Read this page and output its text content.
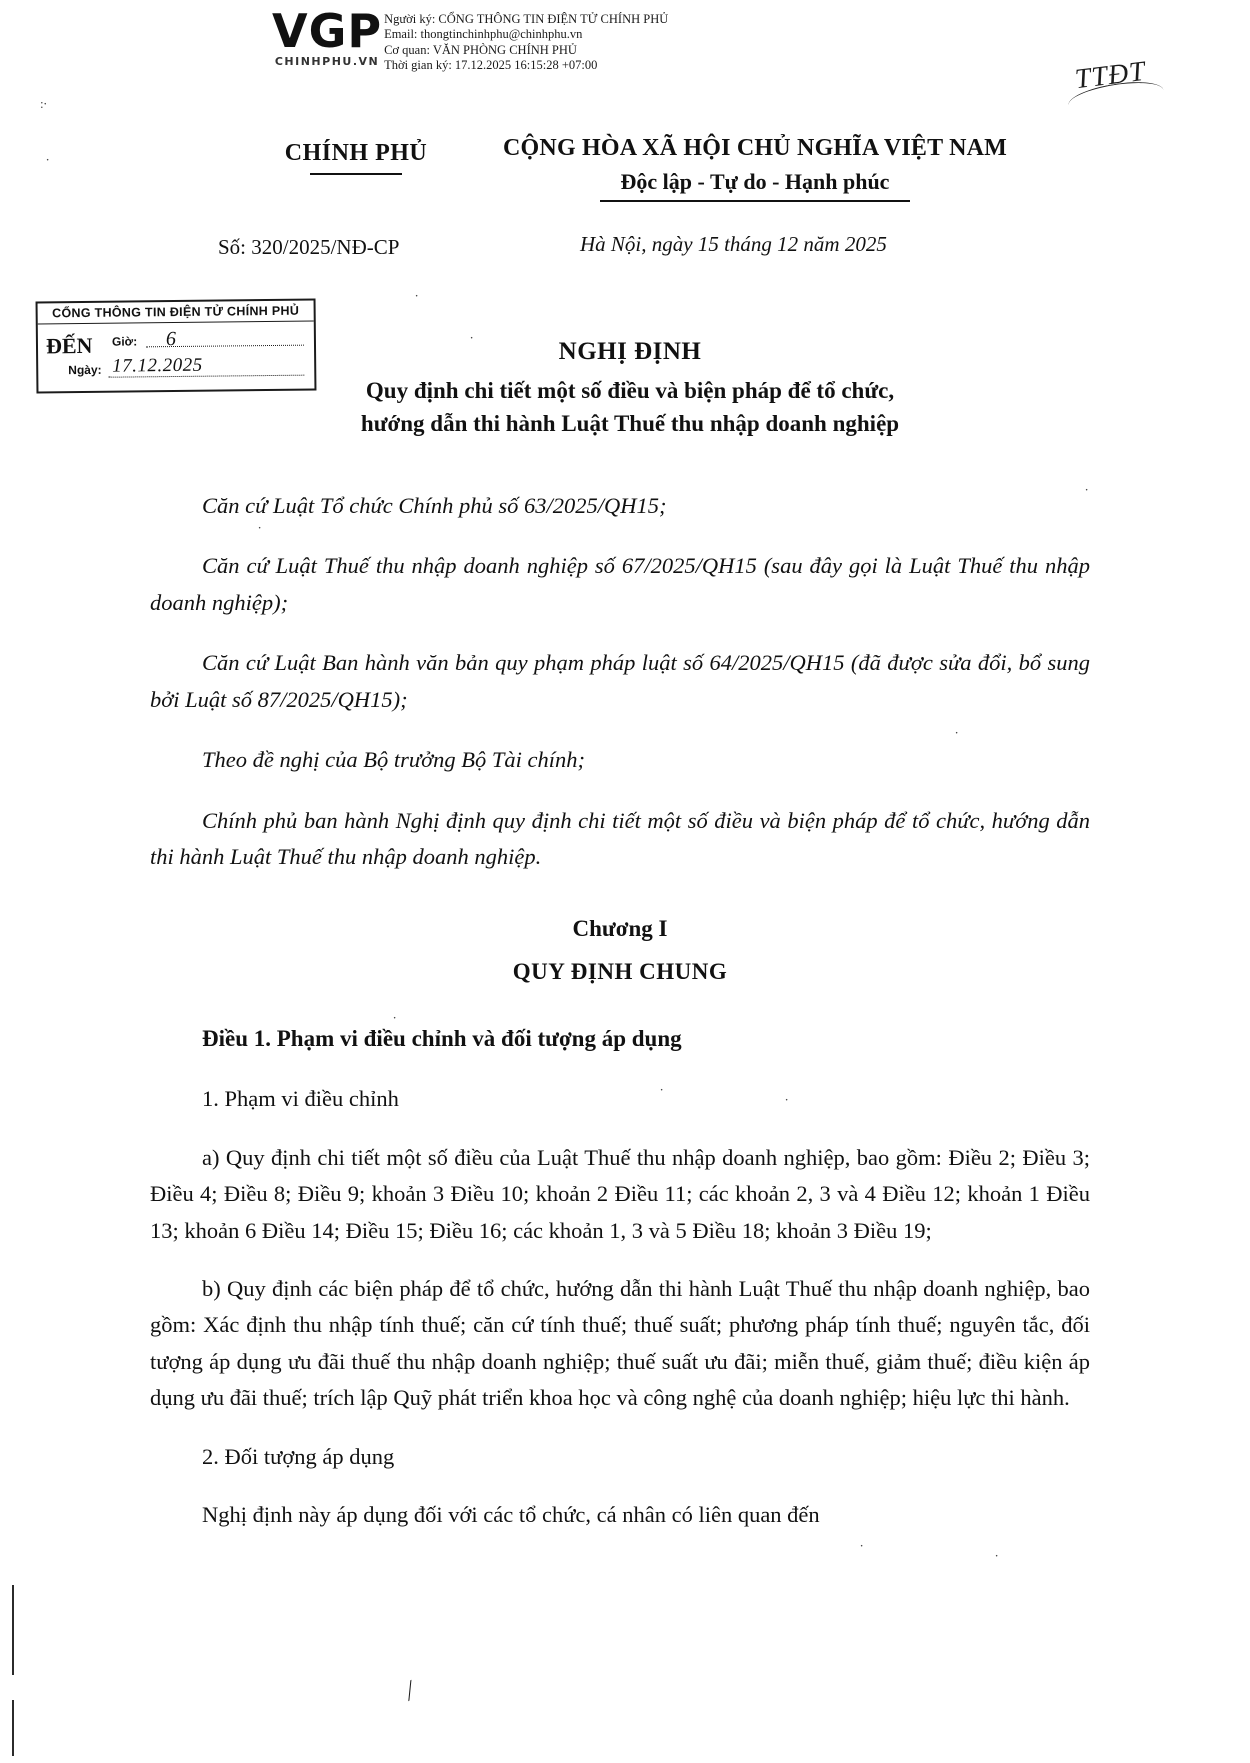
VGP
CHINHPHU.VN
Người ký: CỔNG THÔNG TIN ĐIỆN TỬ CHÍNH PHỦ
Email: thongtinchinhphu@chinhphu.vn
Cơ quan: VĂN PHÒNG CHÍNH PHỦ
Thời gian ký: 17.12.2025 16:15:28 +07:00	TTĐT
:∙
∙
∙
∙
∙
∙
∙
∙
∙
∙
∙
∙
CHÍNH PHỦ	CỘNG HÒA XÃ HỘI CHỦ NGHĨA VIỆT NAM
Độc lập - Tự do - Hạnh phúc
Số: 320/2025/NĐ-CP	Hà Nội, ngày 15 tháng 12 năm 2025
CỔNG THÔNG TIN ĐIỆN TỬ CHÍNH PHỦ
ĐẾN Giờ: 6
Ngày: 17.12.2025
NGHỊ ĐỊNH
Quy định chi tiết một số điều và biện pháp để tổ chức,
hướng dẫn thi hành Luật Thuế thu nhập doanh nghiệp

Căn cứ Luật Tổ chức Chính phủ số 63/2025/QH15;

Căn cứ Luật Thuế thu nhập doanh nghiệp số 67/2025/QH15 (sau đây gọi là Luật Thuế thu nhập doanh nghiệp);

Căn cứ Luật Ban hành văn bản quy phạm pháp luật số 64/2025/QH15 (đã được sửa đổi, bổ sung bởi Luật số 87/2025/QH15);

Theo đề nghị của Bộ trưởng Bộ Tài chính;

Chính phủ ban hành Nghị định quy định chi tiết một số điều và biện pháp để tổ chức, hướng dẫn thi hành Luật Thuế thu nhập doanh nghiệp.

Chương I
QUY ĐỊNH CHUNG
Điều 1. Phạm vi điều chỉnh và đối tượng áp dụng

1. Phạm vi điều chỉnh

a) Quy định chi tiết một số điều của Luật Thuế thu nhập doanh nghiệp, bao gồm: Điều 2; Điều 3; Điều 4; Điều 8; Điều 9; khoản 3 Điều 10; khoản 2 Điều 11; các khoản 2, 3 và 4 Điều 12; khoản 1 Điều 13; khoản 6 Điều 14; Điều 15; Điều 16; các khoản 1, 3 và 5 Điều 18; khoản 3 Điều 19;

b) Quy định các biện pháp để tổ chức, hướng dẫn thi hành Luật Thuế thu nhập doanh nghiệp, bao gồm: Xác định thu nhập tính thuế; căn cứ tính thuế; thuế suất; phương pháp tính thuế; nguyên tắc, đối tượng áp dụng ưu đãi thuế thu nhập doanh nghiệp; thuế suất ưu đãi; miễn thuế, giảm thuế; điều kiện áp dụng ưu đãi thuế; trích lập Quỹ phát triển khoa học và công nghệ của doanh nghiệp; hiệu lực thi hành.

2. Đối tượng áp dụng

Nghị định này áp dụng đối với các tổ chức, cá nhân có liên quan đến

∕
